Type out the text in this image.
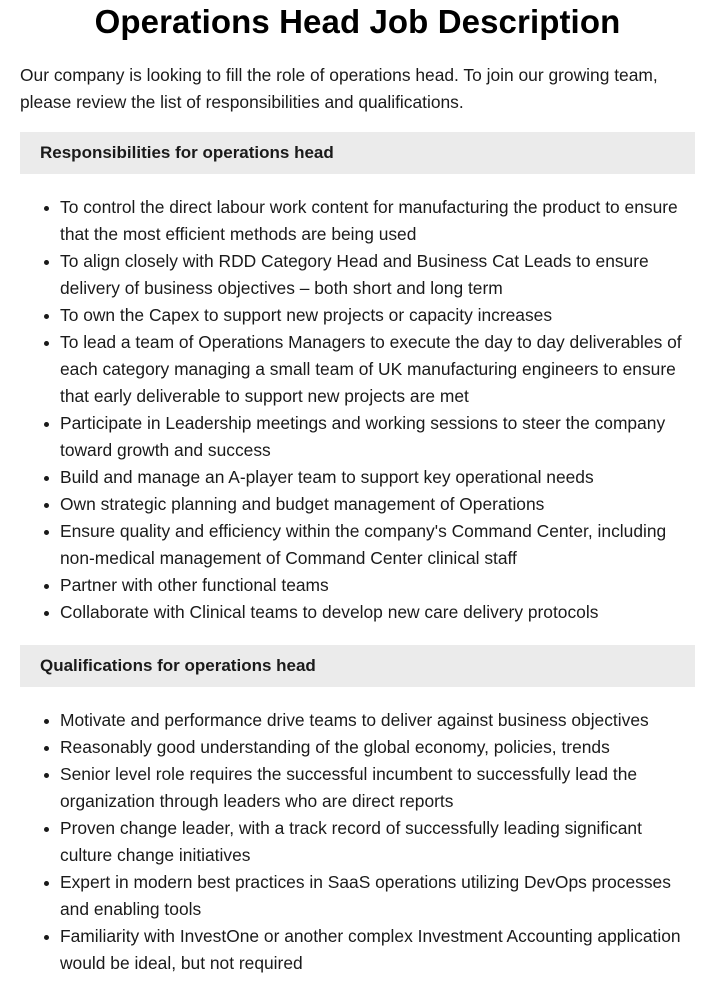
Operations Head Job Description

Our company is looking to fill the role of operations head. To join our growing team, please review the list of responsibilities and qualifications.

Responsibilities for operations head
To control the direct labour work content for manufacturing the product to ensure that the most efficient methods are being used
To align closely with RDD Category Head and Business Cat Leads to ensure delivery of business objectives – both short and long term
To own the Capex to support new projects or capacity increases
To lead a team of Operations Managers to execute the day to day deliverables of each category managing a small team of UK manufacturing engineers to ensure that early deliverable to support new projects are met
Participate in Leadership meetings and working sessions to steer the company toward growth and success
Build and manage an A-player team to support key operational needs
Own strategic planning and budget management of Operations
Ensure quality and efficiency within the company's Command Center, including non-medical management of Command Center clinical staff
Partner with other functional teams
Collaborate with Clinical teams to develop new care delivery protocols
Qualifications for operations head
Motivate and performance drive teams to deliver against business objectives
Reasonably good understanding of the global economy, policies, trends
Senior level role requires the successful incumbent to successfully lead the organization through leaders who are direct reports
Proven change leader, with a track record of successfully leading significant culture change initiatives
Expert in modern best practices in SaaS operations utilizing DevOps processes and enabling tools
Familiarity with InvestOne or another complex Investment Accounting application would be ideal, but not required
